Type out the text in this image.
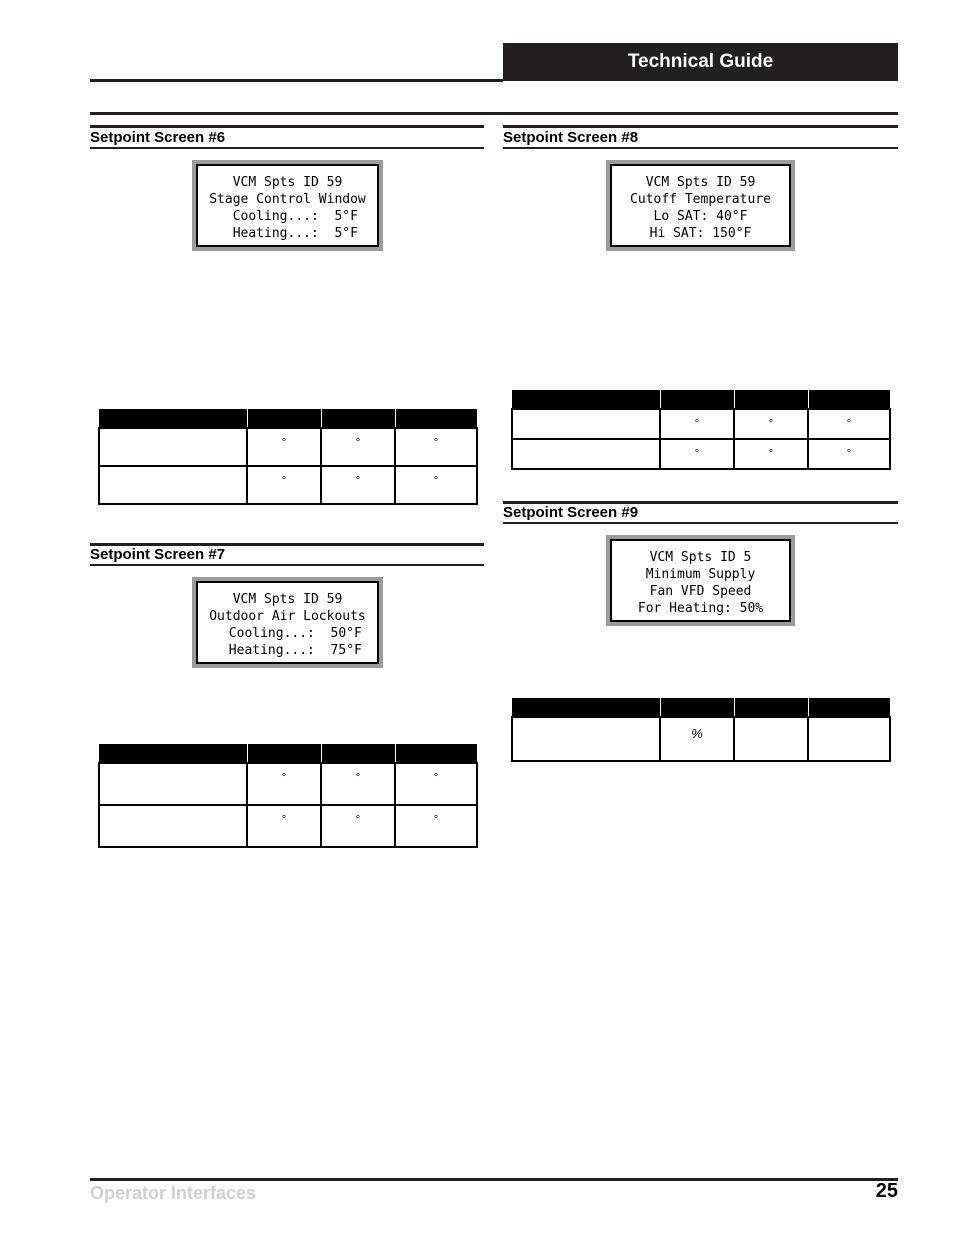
Technical Guide
Setpoint Screen #6
VCM Spts ID 59
Stage Control Window
Cooling...:  5°F
Heating...:  5°F

	°	°	°
	°	°	°
Setpoint Screen #7
VCM Spts ID 59
Outdoor Air Lockouts
Cooling...:  50°F
Heating...:  75°F

	°	°	°
	°	°	°
Setpoint Screen #8
VCM Spts ID 59
Cutoff Temperature
Lo SAT: 40°F
Hi SAT: 150°F

	°	°	°
	°	°	°
Setpoint Screen #9
VCM Spts ID 5
Minimum Supply
Fan VFD Speed
For Heating: 50%

	%		
Operator Interfaces	25
